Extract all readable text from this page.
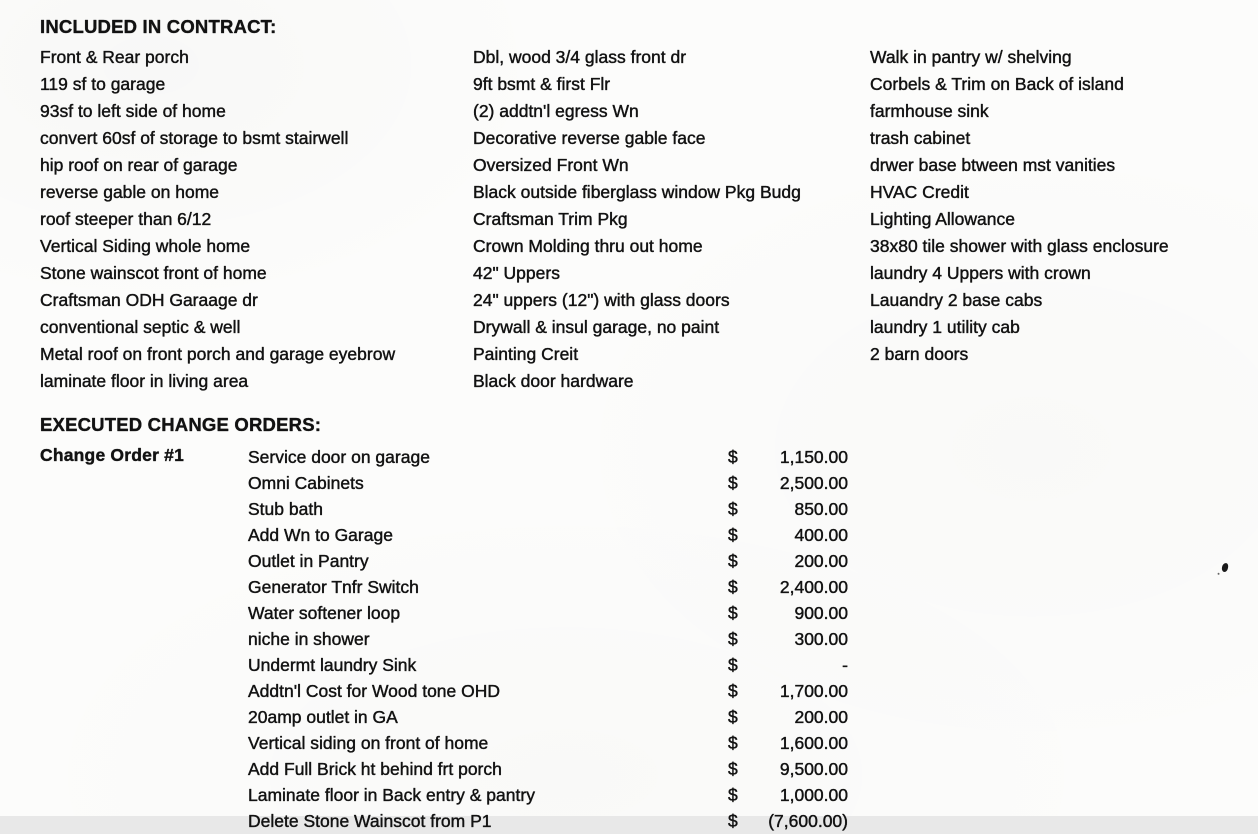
INCLUDED IN CONTRACT:
Front & Rear porch
119 sf to garage
93sf to left side of home
convert 60sf of storage to bsmt stairwell
hip roof on rear of garage
reverse gable on home
roof steeper than 6/12
Vertical Siding whole home
Stone wainscot front of home
Craftsman ODH Garaage dr
conventional septic & well
Metal roof on front porch and garage eyebrow
laminate floor in living area
Dbl, wood 3/4 glass front dr
9ft bsmt & first Flr
(2) addtn'l egress Wn
Decorative reverse gable face
Oversized Front Wn
Black outside fiberglass window Pkg Budg
Craftsman Trim Pkg
Crown Molding thru out home
42" Uppers
24" uppers (12") with glass doors
Drywall & insul garage, no paint
Painting Creit
Black door hardware
Walk in pantry w/ shelving
Corbels & Trim on Back of island
farmhouse sink
trash cabinet
drwer base btween mst vanities
HVAC Credit
Lighting Allowance
38x80 tile shower with glass enclosure
laundry 4 Uppers with crown
Lauandry 2 base cabs
laundry 1 utility cab
2 barn doors
EXECUTED CHANGE ORDERS:
Change Order #1	Service door on garage	$	1,150.00
Omni Cabinets	$	2,500.00
Stub bath	$	850.00
Add Wn to Garage	$	400.00
Outlet in Pantry	$	200.00
Generator Tnfr Switch	$	2,400.00
Water softener loop	$	900.00
niche in shower	$	300.00
Undermt laundry Sink	$	-
Addtn'l Cost for Wood tone OHD	$	1,700.00
20amp outlet in GA	$	200.00
Vertical siding on front of home	$	1,600.00
Add Full Brick ht behind frt porch	$	9,500.00
Laminate floor in Back entry & pantry	$	1,000.00
Delete Stone Wainscot from P1	$	(7,600.00)
